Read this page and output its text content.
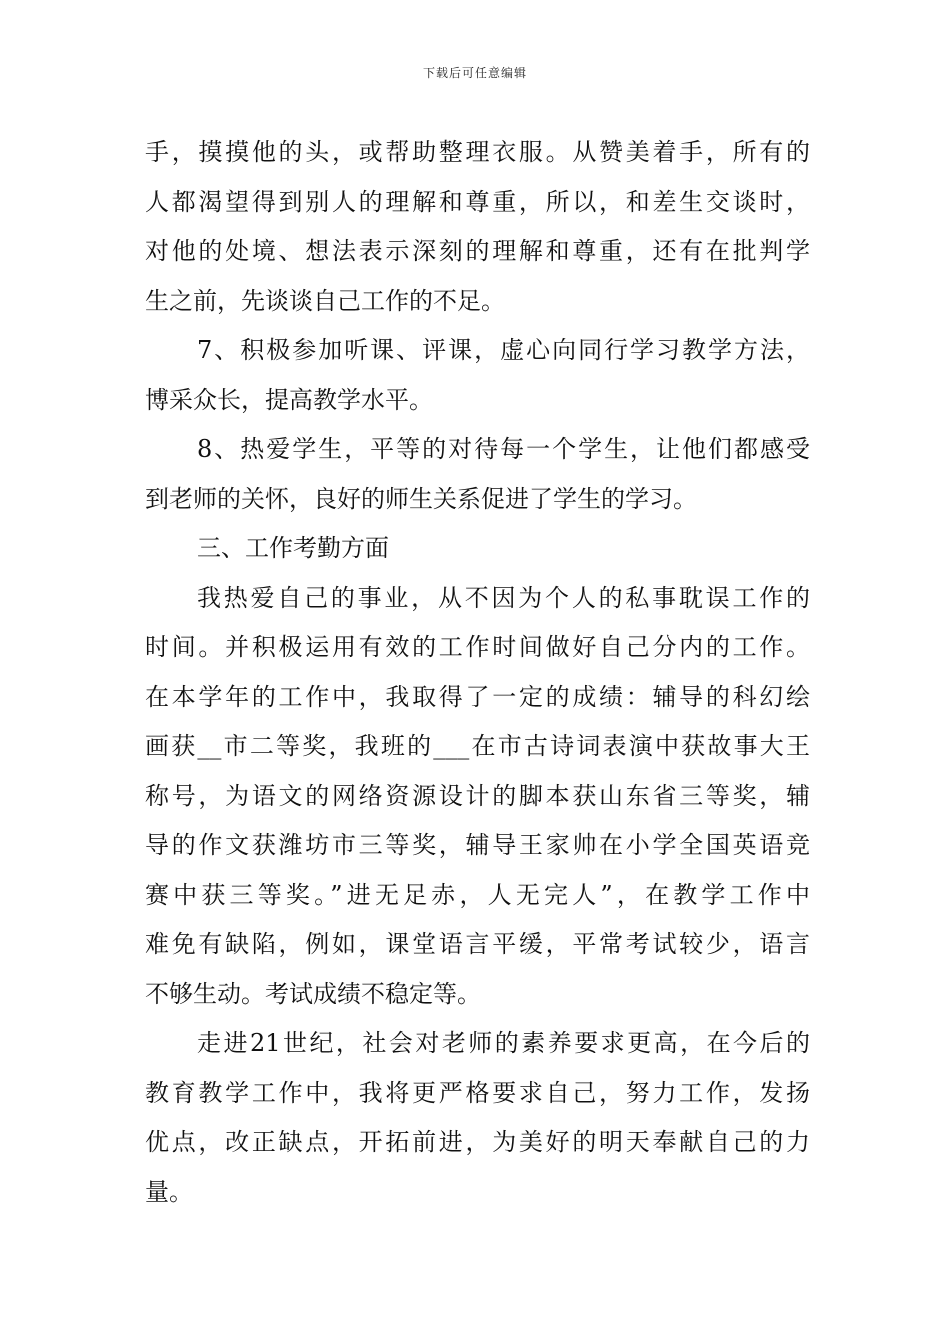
下载后可任意编辑
手，摸摸他的头，或帮助整理衣服。从赞美着手，所有的
人都渴望得到别人的理解和尊重，所以，和差生交谈时，
对他的处境、想法表示深刻的理解和尊重，还有在批判学
生之前，先谈谈自己工作的不足。
7、积极参加听课、评课，虚心向同行学习教学方法，
博采众长，提高教学水平。
8、热爱学生，平等的对待每一个学生，让他们都感受
到老师的关怀，良好的师生关系促进了学生的学习。
三、工作考勤方面
我热爱自己的事业，从不因为个人的私事耽误工作的
时间。并积极运用有效的工作时间做好自己分内的工作。
在本学年的工作中，我取得了一定的成绩：辅导的科幻绘
画获__市二等奖，我班的___在市古诗词表演中获故事大王
称号，为语文的网络资源设计的脚本获山东省三等奖，辅
导的作文获潍坊市三等奖，辅导王家帅在小学全国英语竞
赛中获三等奖。”进无足赤，人无完人”，在教学工作中
难免有缺陷，例如，课堂语言平缓，平常考试较少，语言
不够生动。考试成绩不稳定等。
走进21世纪，社会对老师的素养要求更高，在今后的
教育教学工作中，我将更严格要求自己，努力工作，发扬
优点，改正缺点，开拓前进，为美好的明天奉献自己的力
量。
